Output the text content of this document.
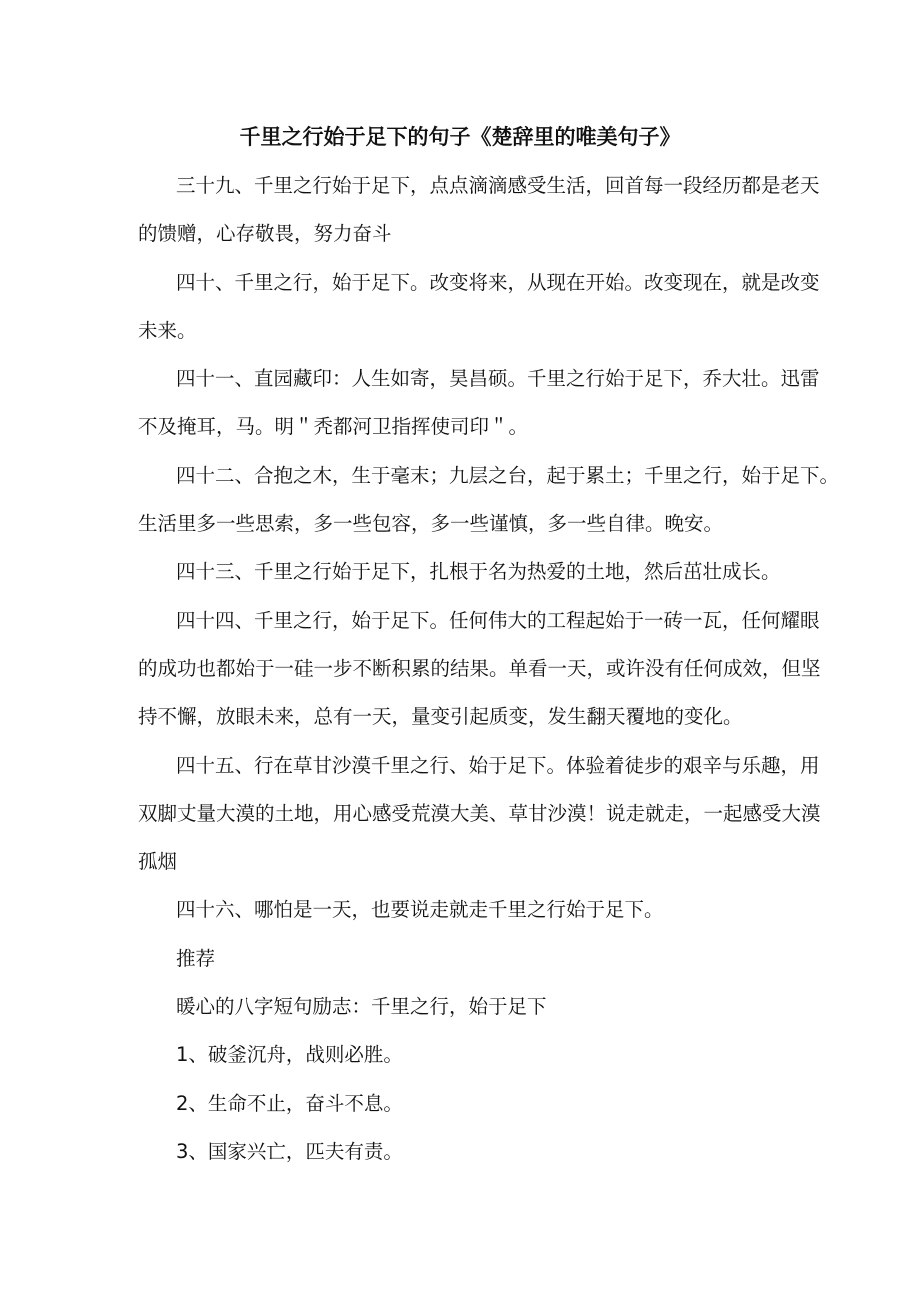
千里之行始于足下的句子《楚辞里的唯美句子》
三十九、千里之行始于足下，点点滴滴感受生活，回首每一段经历都是老天
的馈赠，心存敬畏，努力奋斗
四十、千里之行，始于足下。改变将来，从现在开始。改变现在，就是改变
未来。
四十一、直园藏印：人生如寄，昊昌硕。千里之行始于足下，乔大壮。迅雷
不及掩耳，马。明＂秃都河卫指挥使司印＂。
四十二、合抱之木，生于毫末；九层之台，起于累土；千里之行，始于足下。
生活里多一些思索，多一些包容，多一些谨慎，多一些自律。晚安。
四十三、千里之行始于足下，扎根于名为热爱的土地，然后茁壮成长。
四十四、千里之行，始于足下。任何伟大的工程起始于一砖一瓦，任何耀眼
的成功也都始于一硅一步不断积累的结果。单看一天，或许没有任何成效，但坚
持不懈，放眼未来，总有一天，量变引起质变，发生翻天覆地的变化。
四十五、行在草甘沙漠千里之行、始于足下。体验着徒步的艰辛与乐趣，用
双脚丈量大漠的土地，用心感受荒漠大美、草甘沙漠！说走就走，一起感受大漠
孤烟
四十六、哪怕是一天，也要说走就走千里之行始于足下。
推荐
暖心的八字短句励志：千里之行，始于足下
1、破釜沉舟，战则必胜。
2、生命不止，奋斗不息。
3、国家兴亡，匹夫有责。
